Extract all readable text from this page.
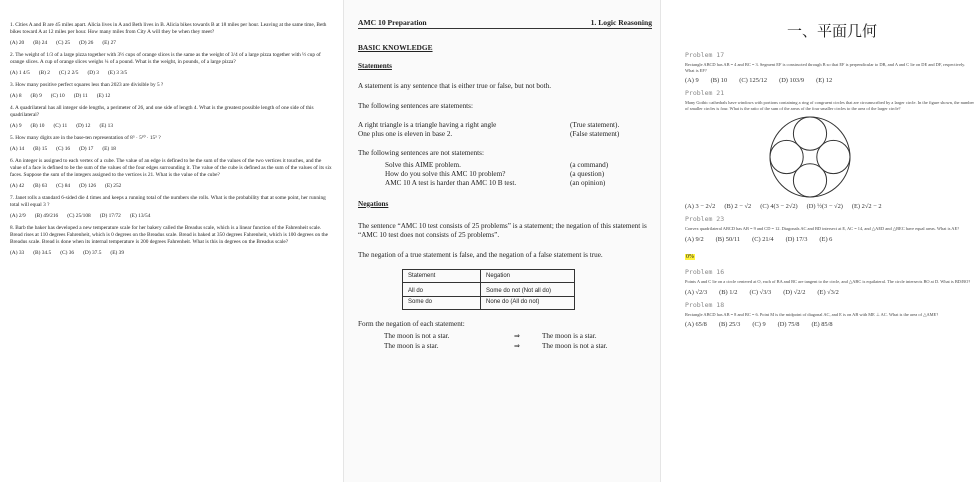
1. Cities A and B are 45 miles apart. Alicia lives in A and Beth lives in B. Alicia bikes towards B at 18 miles per hour. Leaving at the same time, Beth bikes toward A at 12 miles per hour. How many miles from City A will they be when they meet?
(A) 20 (B) 24 (C) 25 (D) 26 (E) 27
2. The weight of 1/3 of a large pizza together with 3½ cups of orange slices is the same as the weight of 3/4 of a large pizza together with ½ cup of orange slices. A cup of orange slices weighs ¼ of a pound. What is the weight, in pounds, of a large pizza?
(A) 1 4/5 (B) 2 (C) 2 2/5 (D) 3 (E) 3 3/5
3. How many positive perfect squares less than 2023 are divisible by 5 ?
(A) 8 (B) 9 (C) 10 (D) 11 (E) 12
4. A quadrilateral has all integer side lengths, a perimeter of 26, and one side of length 4. What is the greatest possible length of one side of this quadrilateral?
(A) 9 (B) 10 (C) 11 (D) 12 (E) 13
5. How many digits are in the base-ten representation of 8⁵ · 5¹⁰ · 15⁵ ?
(A) 14 (B) 15 (C) 16 (D) 17 (E) 18
6. An integer is assigned to each vertex of a cube. The value of an edge is defined to be the sum of the values of the two vertices it touches, and the value of a face is defined to be the sum of the values of the four edges surrounding it. The value of the cube is defined as the sum of the values of its six faces. Suppose the sum of the integers assigned to the vertices is 21. What is the value of the cube?
(A) 42 (B) 63 (C) 84 (D) 126 (E) 252
7. Janet rolls a standard 6-sided die 4 times and keeps a running total of the numbers she rolls. What is the probability that at some point, her running total will equal 3 ?
(A) 2/9 (B) 49/216 (C) 25/108 (D) 17/72 (E) 13/54
8. Barb the baker has developed a new temperature scale for her bakery called the Breadus scale, which is a linear function of the Fahrenheit scale. Bread rises at 110 degrees Fahrenheit, which is 0 degrees on the Breadus scale. Bread is baked at 350 degrees Fahrenheit, which is 100 degrees on the Breadus scale. Bread is done when its internal temperature is 200 degrees Fahrenheit. What is this in degrees on the Breadus scale?
(A) 33 (B) 34.5 (C) 36 (D) 37.5 (E) 39
AMC 10 Preparation	1. Logic Reasoning
BASIC KNOWLEDGE
Statements
A statement is any sentence that is either true or false, but not both.
The following sentences are statements:
A right triangle is a triangle having a right angle	(True statement).
One plus one is eleven in base 2.	(False statement)
The following sentences are not statements:
Solve this AIME problem.	(a command)
How do you solve this AMC 10 problem?	(a question)
AMC 10 A test is harder than AMC 10 B test.	(an opinion)
Negations
The sentence “AMC 10 test consists of 25 problems” is a statement; the negation of this statement is “AMC 10 test does not consists of 25 problems”.
The negation of a true statement is false, and the negation of a false statement is true.
Statement	Negation
All do	Some do not (Not all do)
Some do	None do (All do not)
Form the negation of each statement:
The moon is not a star.	⇒	The moon is a star.
The moon is a star.	⇒	The moon is not a star.
一、平面几何
Problem 17
Rectangle ABCD has AB = 4 and BC = 3. Segment EF is constructed through B so that EF is perpendicular to DB, and A and C lie on DE and DF, respectively. What is EF?
(A) 9 (B) 10 (C) 125/12 (D) 103/9 (E) 12
Problem 21
Many Gothic cathedrals have windows with portions containing a ring of congruent circles that are circumscribed by a larger circle. In the figure shown, the number of smaller circles is four. What is the ratio of the sum of the areas of the four smaller circles to the area of the larger circle?
(A) 3 − 2√2 (B) 2 − √2 (C) 4(3 − 2√2) (D) ½(3 − √2) (E) 2√2 − 2
Problem 23
Convex quadrilateral ABCD has AB = 9 and CD = 12. Diagonals AC and BD intersect at E, AC = 14, and △AED and △BEC have equal areas. What is AE?
(A) 9/2 (B) 50/11 (C) 21/4 (D) 17/3 (E) 6
0%
Problem 16
Points A and C lie on a circle centered at O, each of BA and BC are tangent to the circle, and △ABC is equilateral. The circle intersects BO at D. What is BD/BO?
(A) √2/3 (B) 1/2 (C) √3/3 (D) √2/2 (E) √3/2
Problem 18
Rectangle ABCD has AB = 8 and BC = 6. Point M is the midpoint of diagonal AC, and E is on AB with ME ⊥ AC. What is the area of △AME?
(A) 65/8 (B) 25/3 (C) 9 (D) 75/8 (E) 85/8
